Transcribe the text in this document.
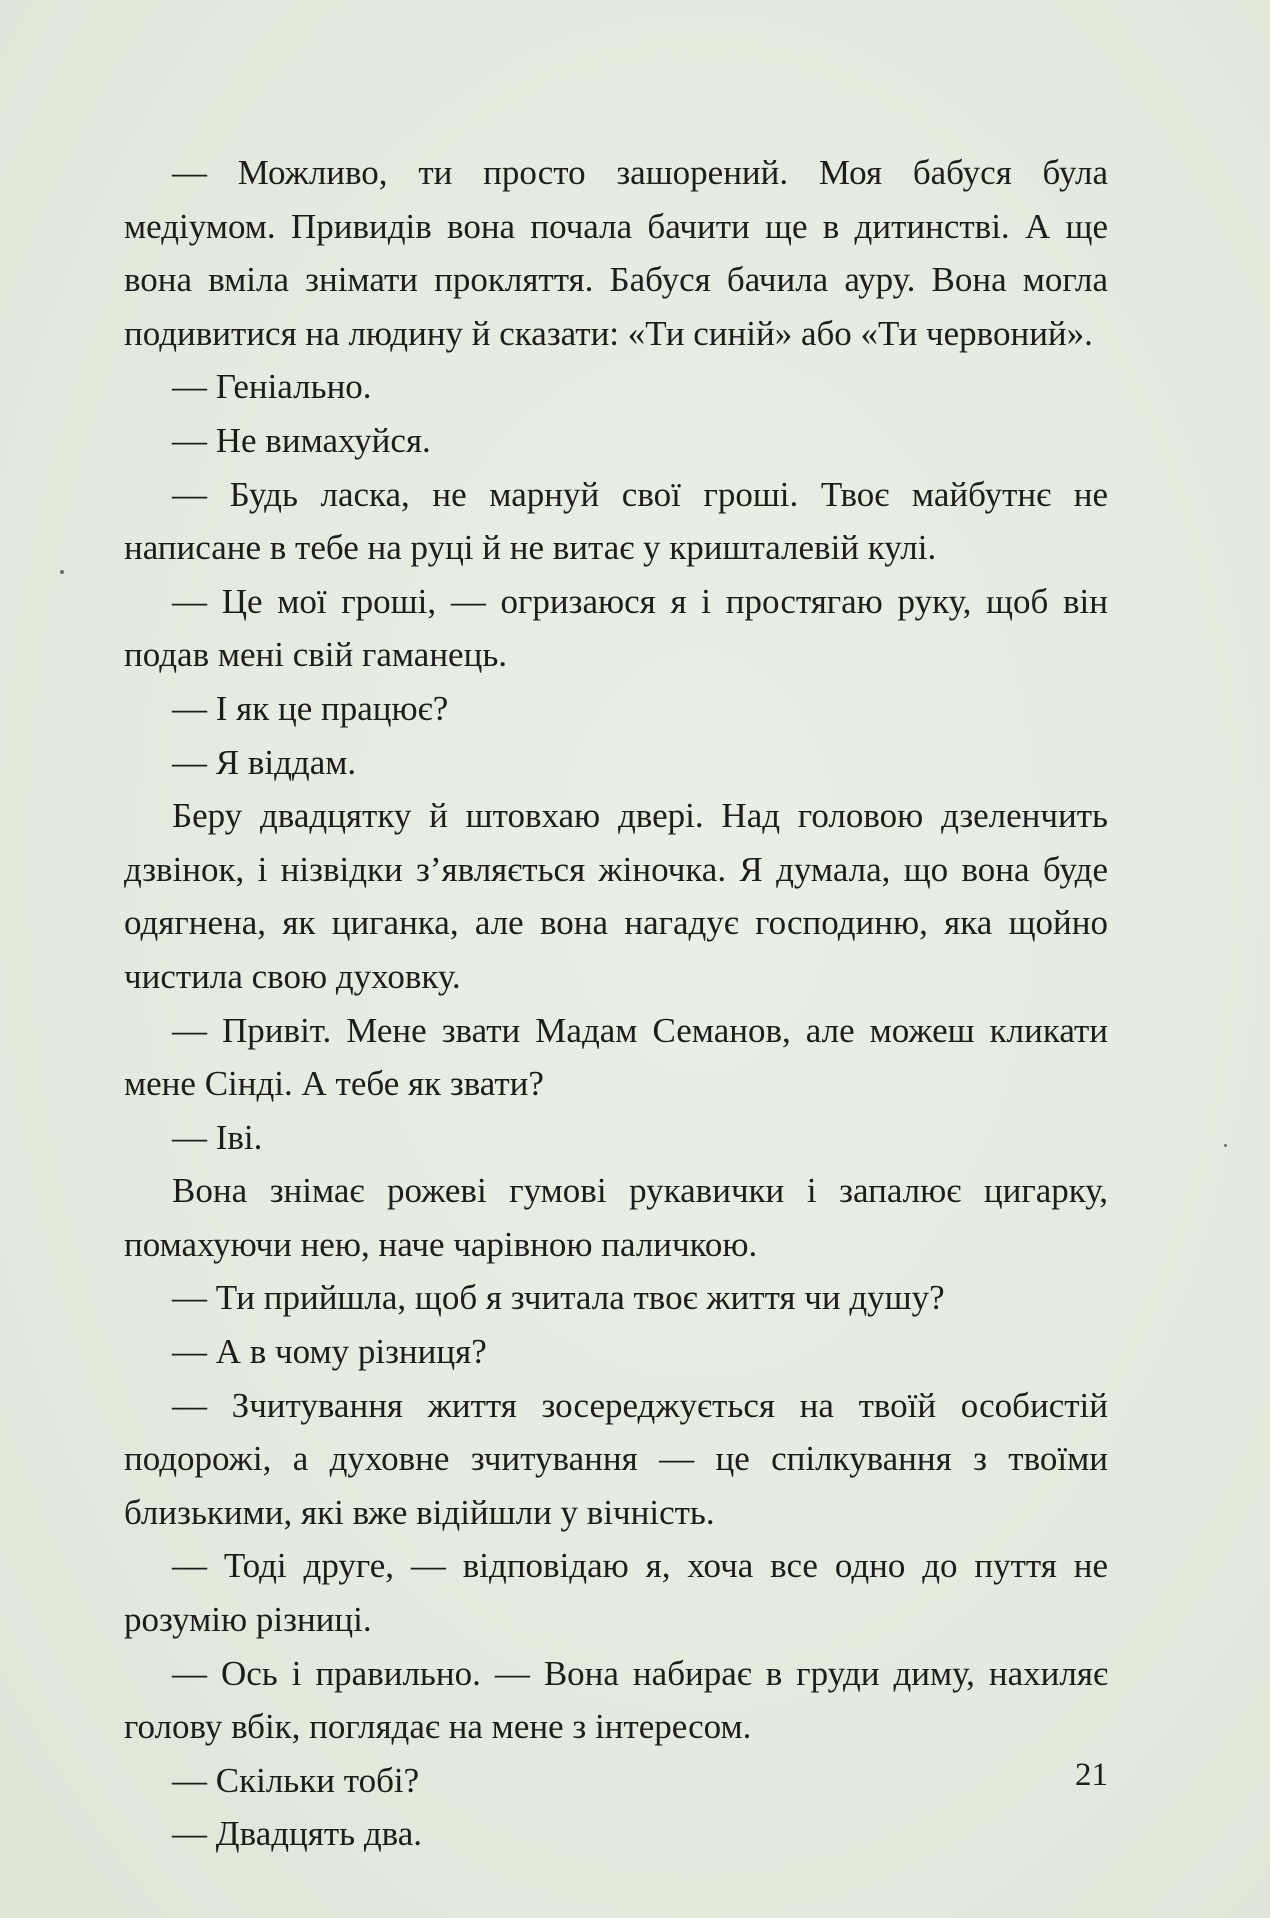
— Можливо, ти просто зашорений. Моя бабуся була медіумом. Привидів вона почала бачити ще в дитинстві. А ще вона вміла знімати прокляття. Бабуся бачила ауру. Вона могла подивитися на людину й сказати: «Ти синій» або «Ти червоний».

— Геніально.

— Не вимахуйся.

— Будь ласка, не марнуй свої гроші. Твоє майбутнє не написане в тебе на руці й не витає у кришталевій кулі.

— Це мої гроші, — огризаюся я і простягаю руку, щоб він подав мені свій гаманець.

— І як це працює?

— Я віддам.

Беру двадцятку й штовхаю двері. Над головою дзеленчить дзвінок, і нізвідки з’являється жіночка. Я думала, що вона буде одягнена, як циганка, але вона нагадує господиню, яка щойно чистила свою духовку.

— Привіт. Мене звати Мадам Семанов, але можеш кликати мене Сінді. А тебе як звати?

— Іві.

Вона знімає рожеві гумові рукавички і запалює цигарку, помахуючи нею, наче чарівною паличкою.

— Ти прийшла, щоб я зчитала твоє життя чи душу?

— А в чому різниця?

— Зчитування життя зосереджується на твоїй особистій подорожі, а духовне зчитування — це спілкування з твоїми близькими, які вже відійшли у вічність.

— Тоді друге, — відповідаю я, хоча все одно до пуття не розумію різниці.

— Ось і правильно. — Вона набирає в груди диму, нахиляє голову вбік, поглядає на мене з інтересом.

— Скільки тобі?

— Двадцять два.

21
